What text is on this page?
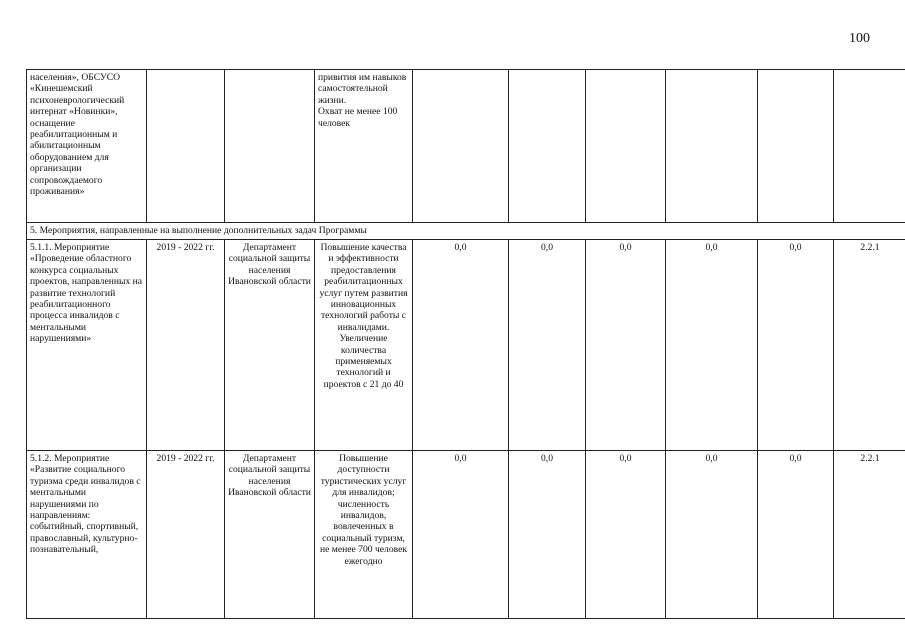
100
населения», ОБСУСО «Кинешемский психоневрологический интернат «Новинки», оснащение реабилитационным и абилитационным оборудованием для организации сопровождаемого проживания»			привития им навыков самостоятельной жизни.
Охват не менее 100 человек						
5. Мероприятия, направленные на выполнение дополнительных задач Программы									
5.1.1. Мероприятие «Проведение областного конкурса социальных проектов, направленных на развитие технологий реабилитационного процесса инвалидов с ментальными нарушениями»	2019 - 2022 гг.	Департамент социальной защиты населения Ивановской области	Повышение качества и эффективности предоставления реабилитационных услуг путем развития инновационных технологий работы с инвалидами. Увеличение количества применяемых технологий и проектов с 21 до 40	0,0	0,0	0,0	0,0	0,0	2.2.1
5.1.2. Мероприятие «Развитие социального туризма среди инвалидов с ментальными нарушениями по направлениям: событийный, спортивный, православный, культурно-познавательный,	2019 - 2022 гг.	Департамент социальной защиты населения Ивановской области	Повышение доступности туристических услуг для инвалидов; численность инвалидов, вовлеченных в социальный туризм, не менее 700 человек ежегодно	0,0	0,0	0,0	0,0	0,0	2.2.1
